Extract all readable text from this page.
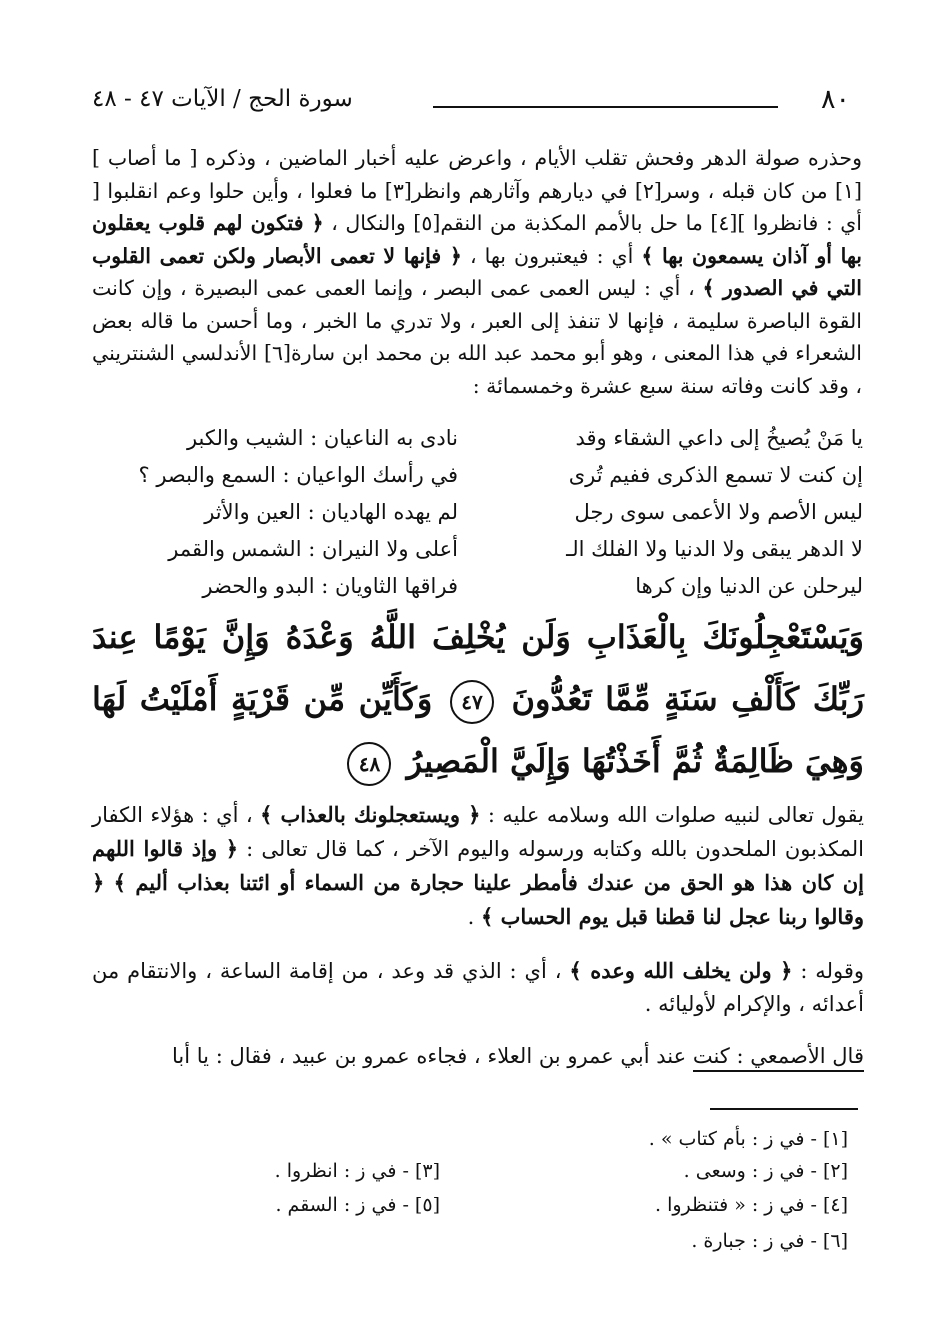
٨٠
سورة الحج / الآيات ٤٧ - ٤٨
وحذره صولة الدهر وفحش تقلب الأيام ، واعرض عليه أخبار الماضين ، وذكره [ ما أصاب ][١] من كان قبله ، وسر[٢] في ديارهم وآثارهم وانظر[٣] ما فعلوا ، وأين حلوا وعم انقلبوا [ أي : فانظروا ][٤] ما حل بالأمم المكذبة من النقم[٥] والنكال ، ﴿ فتكون لهم قلوب يعقلون بها أو آذان يسمعون بها ﴾ أي : فيعتبرون بها ، ﴿ فإنها لا تعمى الأبصار ولكن تعمى القلوب التي في الصدور ﴾ ، أي : ليس العمى عمى البصر ، وإنما العمى عمى البصيرة ، وإن كانت القوة الباصرة سليمة ، فإنها لا تنفذ إلى العبر ، ولا تدري ما الخبر ، وما أحسن ما قاله بعض الشعراء في هذا المعنى ، وهو أبو محمد عبد الله بن محمد ابن سارة[٦] الأندلسي الشنتريني ، وقد كانت وفاته سنة سبع عشرة وخمسمائة :
يا مَنْ يُصيخُ إلى داعي الشقاء وقد
نادى به الناعيان : الشيب والكبر
إن كنت لا تسمع الذكرى ففيم تُرى
في رأسك الواعيان : السمع والبصر ؟
ليس الأصم ولا الأعمى سوى رجل
لم يهده الهاديان : العين والأثر
لا الدهر يبقى ولا الدنيا ولا الفلك الـ
أعلى ولا النيران : الشمس والقمر
ليرحلن عن الدنيا وإن كرها
فراقها الثاويان : البدو والحضر
وَيَسْتَعْجِلُونَكَ بِالْعَذَابِ وَلَن يُخْلِفَ اللَّهُ وَعْدَهُ وَإِنَّ يَوْمًا عِندَ رَبِّكَ كَأَلْفِ سَنَةٍ مِّمَّا تَعُدُّونَ ٤٧ وَكَأَيِّن مِّن قَرْيَةٍ أَمْلَيْتُ لَهَا وَهِيَ ظَالِمَةٌ ثُمَّ أَخَذْتُهَا وَإِلَيَّ الْمَصِيرُ ٤٨
يقول تعالى لنبيه صلوات الله وسلامه عليه : ﴿ ويستعجلونك بالعذاب ﴾ ، أي : هؤلاء الكفار المكذبون الملحدون بالله وكتابه ورسوله واليوم الآخر ، كما قال تعالى : ﴿ وإذ قالوا اللهم إن كان هذا هو الحق من عندك فأمطر علينا حجارة من السماء أو ائتنا بعذاب أليم ﴾ ﴿ وقالوا ربنا عجل لنا قطنا قبل يوم الحساب ﴾ .
وقوله : ﴿ ولن يخلف الله وعده ﴾ ، أي : الذي قد وعد ، من إقامة الساعة ، والانتقام من أعدائه ، والإكرام لأوليائه .
قال الأصمعي : كنت عند أبي عمرو بن العلاء ، فجاءه عمرو بن عبيد ، فقال : يا أبا
[١] - في ز : بأم كتاب » .
[٢] - في ز : وسعى .
[٣] - في ز : انظروا .
[٤] - في ز : « فتنظروا .
[٥] - في ز : السقم .
[٦] - في ز : جبارة .
